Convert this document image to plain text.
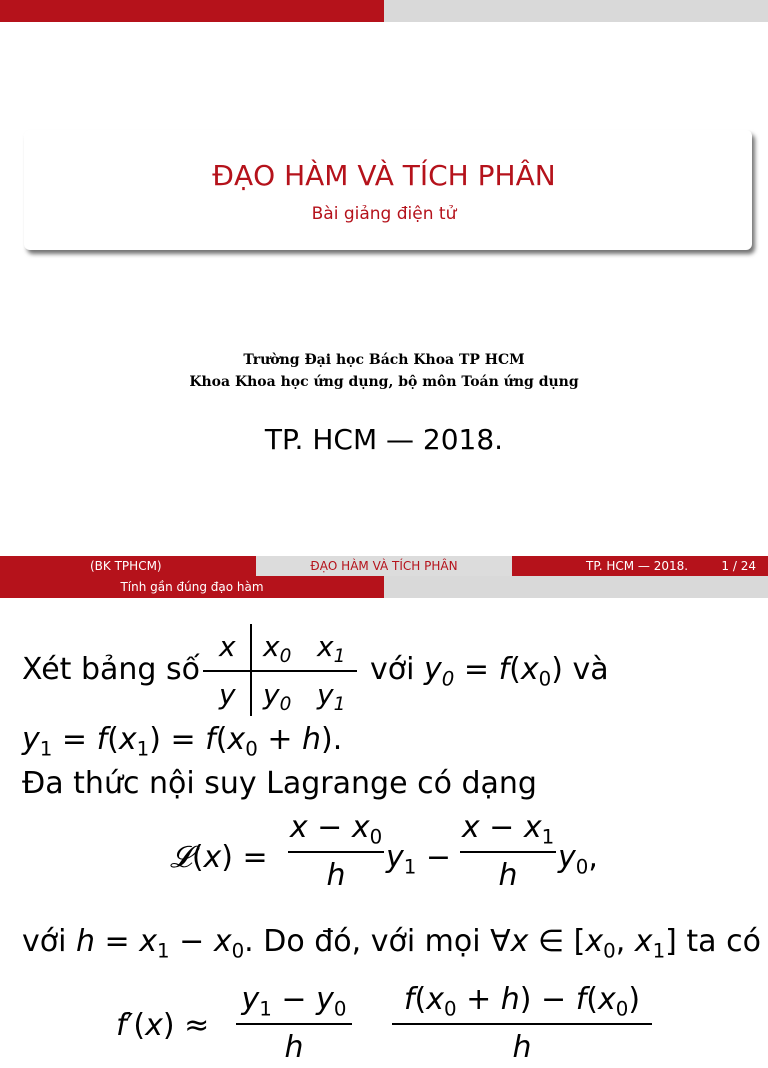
ĐẠO HÀM VÀ TÍCH PHÂN
Bài giảng điện tử
Trường Đại học Bách Khoa TP HCM
Khoa Khoa học ứng dụng, bộ môn Toán ứng dụng
TP. HCM — 2018.
(BK TPHCM)	ĐẠO HÀM VÀ TÍCH PHÂN	TP. HCM — 2018.	1 / 24
Tính gần đúng đạo hàm
Xét bảng số
x $x_0$ $x_1$
y $y_0$ $y_1$
với $y_0 = f(x_0)$ và
$y_1 = f(x_1) = f(x_0 + h)$.
Đa thức nội suy Lagrange có dạng
𝓛(x) =
$x - x_0$
h
$y_1$ −
$x - x_1$
h
$y_0$,
với $h = x_1 - x_0$. Do đó, với mọi ∀x ∈ [$x_0$, $x_1$] ta có
f′(x) ≈
$y_1 - y_0$
h
$f(x_0 + h) - f(x_0)$
h
